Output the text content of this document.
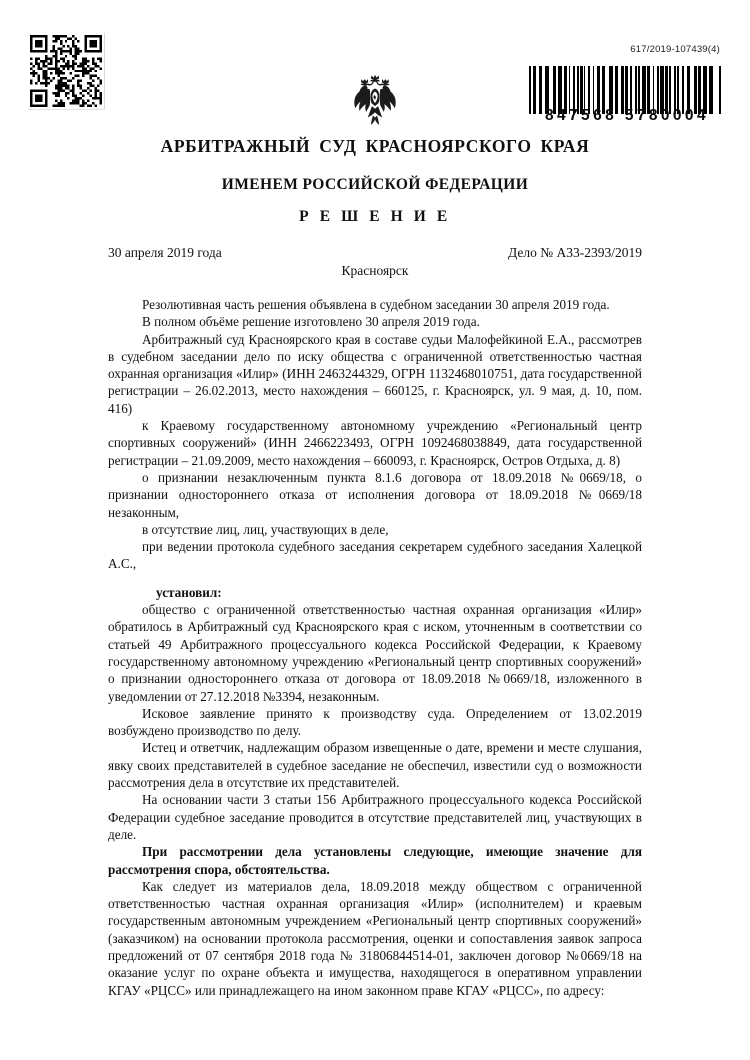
617/2019-107439(4)
847568 5780004
АРБИТРАЖНЫЙ СУД КРАСНОЯРСКОГО КРАЯ
ИМЕНЕМ РОССИЙСКОЙ ФЕДЕРАЦИИ
Р Е Ш Е Н И Е
30 апреля 2019 года	Дело № А33-2393/2019
Красноярск

Резолютивная часть решения объявлена в судебном заседании 30 апреля 2019 года.

В полном объёме решение изготовлено 30 апреля 2019 года.

Арбитражный суд Красноярского края в составе судьи Малофейкиной Е.А., рассмотрев в судебном заседании дело по иску общества с ограниченной ответственностью частная охранная организация «Илир» (ИНН 2463244329, ОГРН 1132468010751, дата государственной регистрации – 26.02.2013, место нахождения – 660125, г. Красноярск, ул. 9 мая, д. 10, пом. 416)

к Краевому государственному автономному учреждению «Региональный центр спортивных сооружений» (ИНН 2466223493, ОГРН 1092468038849, дата государственной регистрации – 21.09.2009, место нахождения – 660093, г. Красноярск, Остров Отдыха, д. 8)

о признании незаключенным пункта 8.1.6 договора от 18.09.2018 №0669/18, о признании одностороннего отказа от исполнения договора от 18.09.2018 №0669/18 незаконным,

в отсутствие лиц, лиц, участвующих в деле,

при ведении протокола судебного заседания секретарем судебного заседания Халецкой А.С.,

установил:

общество с ограниченной ответственностью частная охранная организация «Илир» обратилось в Арбитражный суд Красноярского края с иском, уточненным в соответствии со статьей 49 Арбитражного процессуального кодекса Российской Федерации, к Краевому государственному автономному учреждению «Региональный центр спортивных сооружений» о признании одностороннего отказа от договора от 18.09.2018 №0669/18, изложенного в уведомлении от 27.12.2018 №3394, незаконным.

Исковое заявление принято к производству суда. Определением от 13.02.2019 возбуждено производство по делу.

Истец и ответчик, надлежащим образом извещенные о дате, времени и месте слушания, явку своих представителей в судебное заседание не обеспечил, известили суд о возможности рассмотрения дела в отсутствие их представителей.

На основании части 3 статьи 156 Арбитражного процессуального кодекса Российской Федерации судебное заседание проводится в отсутствие представителей лиц, участвующих в деле.

При рассмотрении дела установлены следующие, имеющие значение для рассмотрения спора, обстоятельства.

Как следует из материалов дела, 18.09.2018 между обществом с ограниченной ответственностью частная охранная организация «Илир» (исполнителем) и краевым государственным автономным учреждением «Региональный центр спортивных сооружений» (заказчиком) на основании протокола рассмотрения, оценки и сопоставления заявок запроса предложений от 07 сентября 2018 года № 31806844514-01, заключен договор №0669/18 на оказание услуг по охране объекта и имущества, находящегося в оперативном управлении КГАУ «РЦСС» или принадлежащего на ином законном праве КГАУ «РЦСС», по адресу:
